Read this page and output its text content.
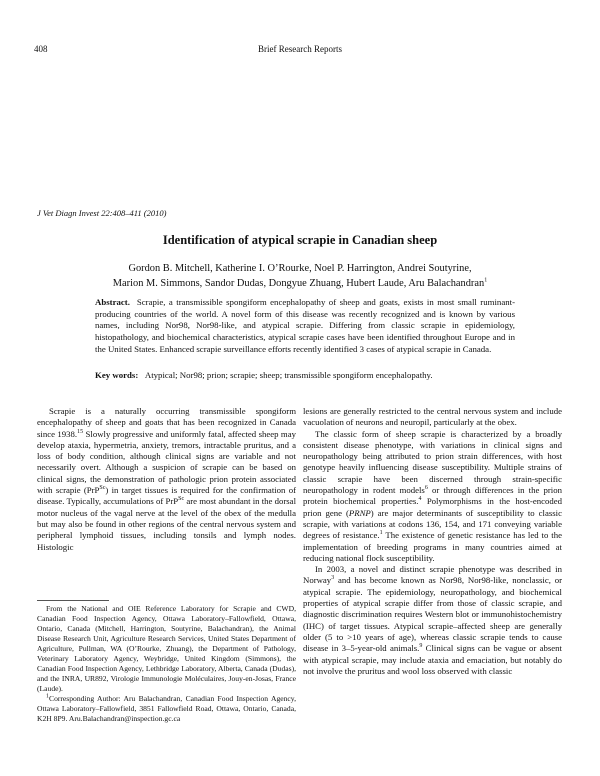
408	Brief Research Reports
J Vet Diagn Invest 22:408–411 (2010)
Identification of atypical scrapie in Canadian sheep
Gordon B. Mitchell, Katherine I. O’Rourke, Noel P. Harrington, Andrei Soutyrine,
Marion M. Simmons, Sandor Dudas, Dongyue Zhuang, Hubert Laude, Aru Balachandran$^1$
Abstract. Scrapie, a transmissible spongiform encephalopathy of sheep and goats, exists in most small ruminant-producing countries of the world. A novel form of this disease was recently recognized and is known by various names, including Nor98, Nor98-like, and atypical scrapie. Differing from classic scrapie in epidemiology, histopathology, and biochemical characteristics, atypical scrapie cases have been identified throughout Europe and in the United States. Enhanced scrapie surveillance efforts recently identified 3 cases of atypical scrapie in Canada.
Key words: Atypical; Nor98; prion; scrapie; sheep; transmissible spongiform encephalopathy.

Scrapie is a naturally occurring transmissible spongiform encephalopathy of sheep and goats that has been recognized in Canada since 1938.15 Slowly progressive and uniformly fatal, affected sheep may develop ataxia, hypermetria, anxiety, tremors, intractable pruritus, and a loss of body condition, although clinical signs are variable and not necessarily overt. Although a suspicion of scrapie can be based on clinical signs, the demonstration of pathologic prion protein associated with scrapie (PrP$^{Sc}$) in target tissues is required for the confirmation of disease. Typically, accumulations of PrP$^{Sc}$ are most abundant in the dorsal motor nucleus of the vagal nerve at the level of the obex of the medulla but may also be found in other regions of the central nervous system and peripheral lymphoid tissues, including tonsils and lymph nodes. Histologic

From the National and OIE Reference Laboratory for Scrapie and CWD, Canadian Food Inspection Agency, Ottawa Laboratory–Fallowfield, Ottawa, Ontario, Canada (Mitchell, Harrington, Soutyrine, Balachandran), the Animal Disease Research Unit, Agriculture Research Services, United States Department of Agriculture, Pullman, WA (O’Rourke, Zhuang), the Department of Pathology, Veterinary Laboratory Agency, Weybridge, United Kingdom (Simmons), the Canadian Food Inspection Agency, Lethbridge Laboratory, Alberta, Canada (Dudas), and the INRA, UR892, Virologie Immunologie Moléculaires, Jouy-en-Josas, France (Laude).

$^1$Corresponding Author: Aru Balachandran, Canadian Food Inspection Agency, Ottawa Laboratory–Fallowfield, 3851 Fallowfield Road, Ottawa, Ontario, Canada, K2H 8P9. Aru.Balachandran@inspection.gc.ca

lesions are generally restricted to the central nervous system and include vacuolation of neurons and neuropil, particularly at the obex.

The classic form of sheep scrapie is characterized by a broadly consistent disease phenotype, with variations in clinical signs and neuropathology being attributed to prion strain differences, with host genotype heavily influencing disease susceptibility. Multiple strains of classic scrapie have been discerned through strain-specific neuropathology in rodent models$^6$ or through differences in the prion protein biochemical properties.$^4$ Polymorphisms in the host-encoded prion gene (PRNP) are major determinants of susceptibility to classic scrapie, with variations at codons 136, 154, and 171 conveying variable degrees of resistance.$^1$ The existence of genetic resistance has led to the implementation of breeding programs in many countries aimed at reducing national flock susceptibility.

In 2003, a novel and distinct scrapie phenotype was described in Norway$^3$ and has become known as Nor98, Nor98-like, nonclassic, or atypical scrapie. The epidemiology, neuropathology, and biochemical properties of atypical scrapie differ from those of classic scrapie, and diagnostic discrimination requires Western blot or immunohistochemistry (IHC) of target tissues. Atypical scrapie–affected sheep are generally older (5 to >10 years of age), whereas classic scrapie tends to cause disease in 3–5-year-old animals.$^9$ Clinical signs can be vague or absent with atypical scrapie, may include ataxia and emaciation, but notably do not involve the pruritus and wool loss observed with classic
